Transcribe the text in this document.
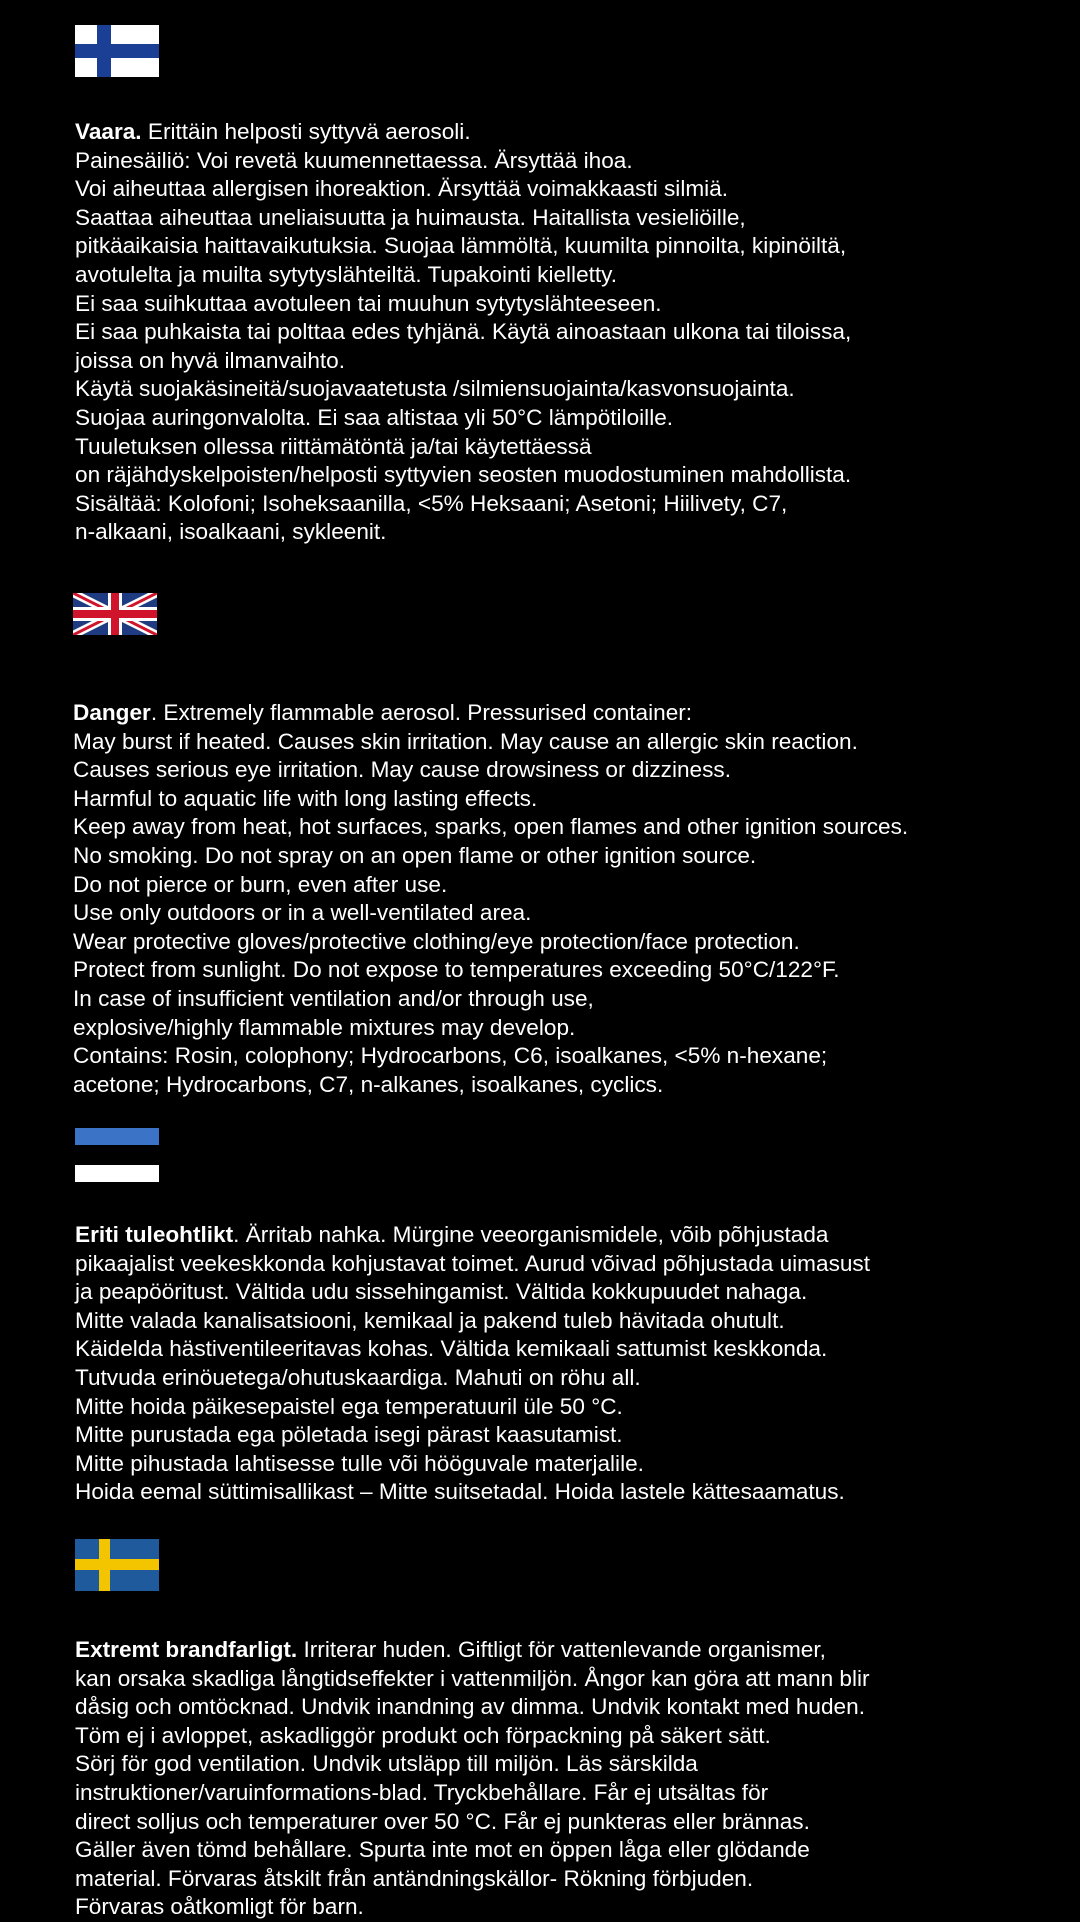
Vaara. Erittäin helposti syttyvä aerosoli.
Painesäiliö: Voi revetä kuumennettaessa. Ärsyttää ihoa.
Voi aiheuttaa allergisen ihoreaktion. Ärsyttää voimakkaasti silmiä.
Saattaa aiheuttaa uneliaisuutta ja huimausta. Haitallista vesieliöille,
pitkäaikaisia haittavaikutuksia. Suojaa lämmöltä, kuumilta pinnoilta, kipinöiltä,
avotulelta ja muilta sytytyslähteiltä. Tupakointi kielletty.
Ei saa suihkuttaa avotuleen tai muuhun sytytyslähteeseen.
Ei saa puhkaista tai polttaa edes tyhjänä. Käytä ainoastaan ulkona tai tiloissa,
joissa on hyvä ilmanvaihto.
Käytä suojakäsineitä/suojavaatetusta /silmiensuojainta/kasvonsuojainta.
Suojaa auringonvalolta. Ei saa altistaa yli 50°C lämpötiloille.
Tuuletuksen ollessa riittämätöntä ja/tai käytettäessä
on räjähdyskelpoisten/helposti syttyvien seosten muodostuminen mahdollista.
Sisältää: Kolofoni; Isoheksaanilla, <5% Heksaani; Asetoni; Hiilivety, C7,
n-alkaani, isoalkaani, sykleenit.
Danger. Extremely flammable aerosol. Pressurised container:
May burst if heated. Causes skin irritation. May cause an allergic skin reaction.
Causes serious eye irritation. May cause drowsiness or dizziness.
Harmful to aquatic life with long lasting effects.
Keep away from heat, hot surfaces, sparks, open flames and other ignition sources.
No smoking. Do not spray on an open flame or other ignition source.
Do not pierce or burn, even after use.
Use only outdoors or in a well-ventilated area.
Wear protective gloves/protective clothing/eye protection/face protection.
Protect from sunlight. Do not expose to temperatures exceeding 50°C/122°F.
In case of insufficient ventilation and/or through use,
explosive/highly flammable mixtures may develop.
Contains: Rosin, colophony; Hydrocarbons, C6, isoalkanes, <5% n-hexane;
acetone; Hydrocarbons, C7, n-alkanes, isoalkanes, cyclics.
Eriti tuleohtlikt. Ärritab nahka. Mürgine veeorganismidele, võib põhjustada
pikaajalist veekeskkonda kohjustavat toimet. Aurud võivad põhjustada uimasust
ja peapööritust. Vältida udu sissehingamist. Vältida kokkupuudet nahaga.
Mitte valada kanalisatsiooni, kemikaal ja pakend tuleb hävitada ohutult.
Käidelda hästiventileeritavas kohas. Vältida kemikaali sattumist keskkonda.
Tutvuda erinöuetega/ohutuskaardiga. Mahuti on röhu all.
Mitte hoida päikesepaistel ega temperatuuril üle 50 °C.
Mitte purustada ega pöletada isegi pärast kaasutamist.
Mitte pihustada lahtisesse tulle või hööguvale materjalile.
Hoida eemal süttimisallikast – Mitte suitsetadal. Hoida lastele kättesaamatus.
Extremt brandfarligt. Irriterar huden. Giftligt för vattenlevande organismer,
kan orsaka skadliga långtidseffekter i vattenmiljön. Ångor kan göra att mann blir
dåsig och omtöcknad. Undvik inandning av dimma. Undvik kontakt med huden.
Töm ej i avloppet, askadliggör produkt och förpackning på säkert sätt.
Sörj för god ventilation. Undvik utsläpp till miljön. Läs särskilda
instruktioner/varuinformations-blad. Tryckbehållare. Får ej utsältas för
direct solljus och temperaturer over 50 °C. Får ej punkteras eller brännas.
Gäller även tömd behållare. Spurta inte mot en öppen låga eller glödande
material. Förvaras åtskilt från antändningskällor- Rökning förbjuden.
Förvaras oåtkomligt för barn.
